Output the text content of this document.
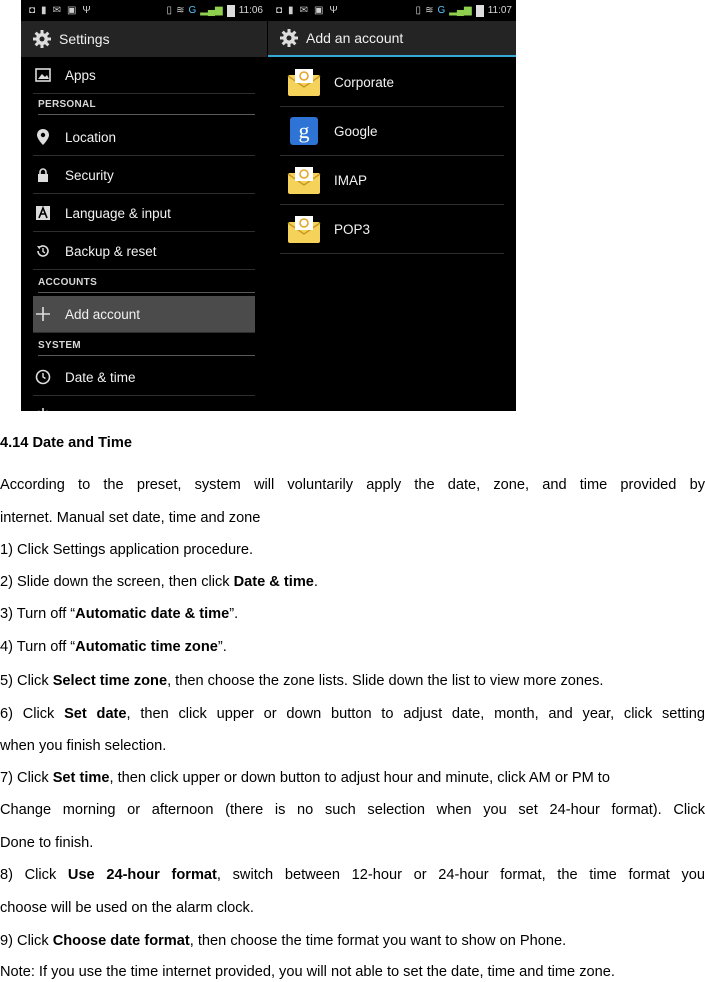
◘ ▮ ✉ ▣ Ψ	▯ ≋ G ▂▄▆ 11:06
Settings
Apps
PERSONAL
Location
Security
Language & input
Backup & reset
ACCOUNTS
Add account
SYSTEM
Date & time
◘ ▮ ✉ ▣ Ψ	▯ ≋ G ▂▄▆ 11:07
Add an account
Corporate
g Google
IMAP
POP3
4.14 Date and Time
According to the preset, system will voluntarily apply the date, zone, and time provided by
internet. Manual set date, time and zone
1) Click Settings application procedure.
2) Slide down the screen, then click Date & time.
3) Turn off “Automatic date & time”.
4) Turn off “Automatic time zone”.
5) Click Select time zone, then choose the zone lists. Slide down the list to view more zones.
6) Click Set date, then click upper or down button to adjust date, month, and year, click setting
when you finish selection.
7) Click Set time, then click upper or down button to adjust hour and minute, click AM or PM to
Change morning or afternoon (there is no such selection when you set 24-hour format). Click
Done to finish.
8) Click Use 24-hour format, switch between 12-hour or 24-hour format, the time format you
choose will be used on the alarm clock.
9) Click Choose date format, then choose the time format you want to show on Phone.
Note: If you use the time internet provided, you will not able to set the date, time and time zone.
